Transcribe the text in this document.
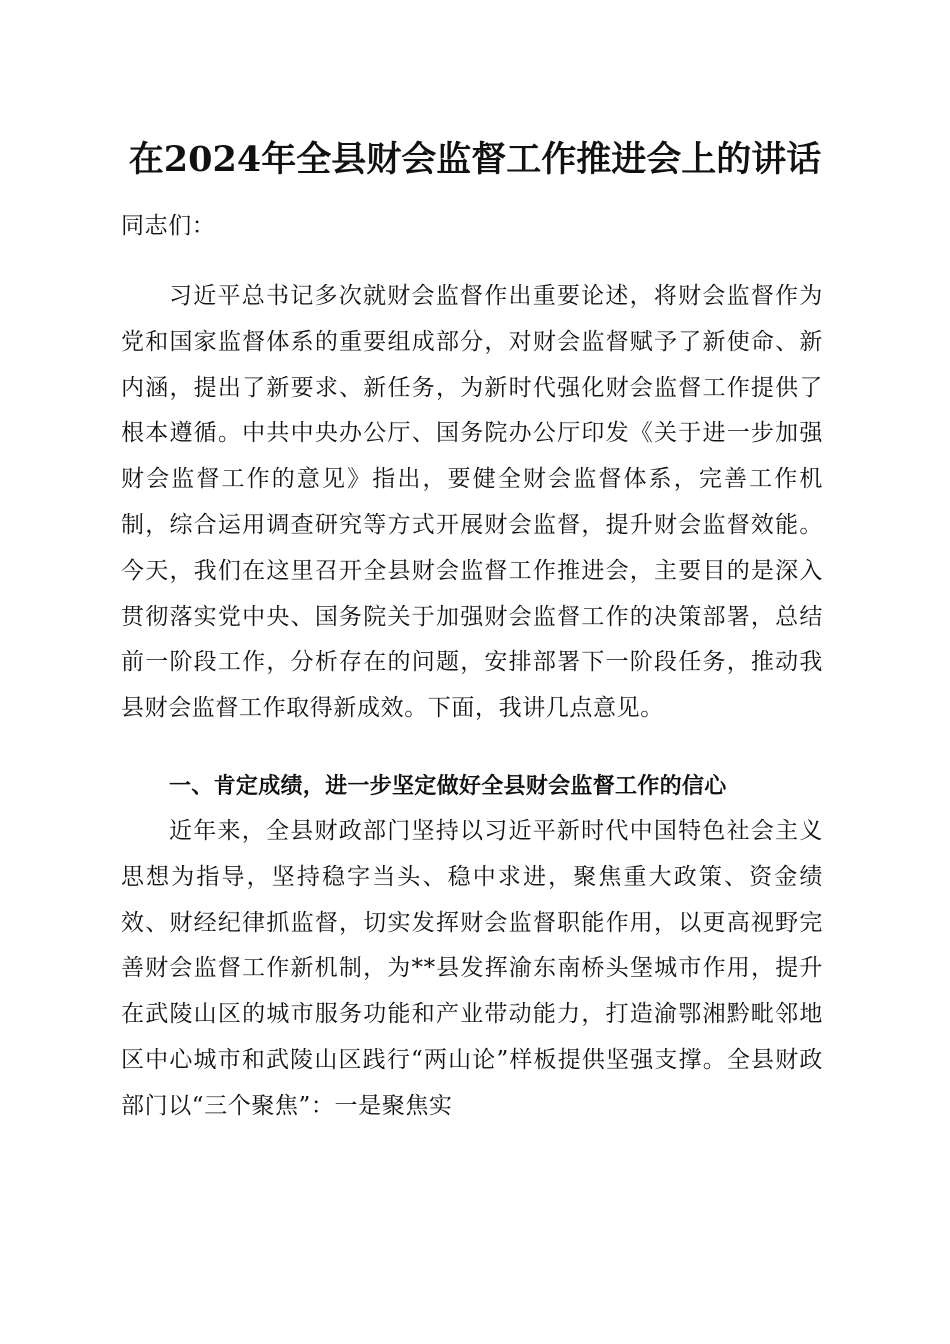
在2024年全县财会监督工作推进会上的讲话
同志们：
习近平总书记多次就财会监督作出重要论述，将财会监督作为党和国家监督体系的重要组成部分，对财会监督赋予了新使命、新内涵，提出了新要求、新任务，为新时代强化财会监督工作提供了根本遵循。中共中央办公厅、国务院办公厅印发《关于进一步加强财会监督工作的意见》指出，要健全财会监督体系，完善工作机制，综合运用调查研究等方式开展财会监督，提升财会监督效能。今天，我们在这里召开全县财会监督工作推进会，主要目的是深入贯彻落实党中央、国务院关于加强财会监督工作的决策部署，总结前一阶段工作，分析存在的问题，安排部署下一阶段任务，推动我县财会监督工作取得新成效。下面，我讲几点意见。
一、肯定成绩，进一步坚定做好全县财会监督工作的信心
近年来，全县财政部门坚持以习近平新时代中国特色社会主义思想为指导，坚持稳字当头、稳中求进，聚焦重大政策、资金绩效、财经纪律抓监督，切实发挥财会监督职能作用，以更高视野完善财会监督工作新机制，为**县发挥渝东南桥头堡城市作用，提升在武陵山区的城市服务功能和产业带动能力，打造渝鄂湘黔毗邻地区中心城市和武陵山区践行“两山论”样板提供坚强支撑。全县财政部门以“三个聚焦”：一是聚焦实
